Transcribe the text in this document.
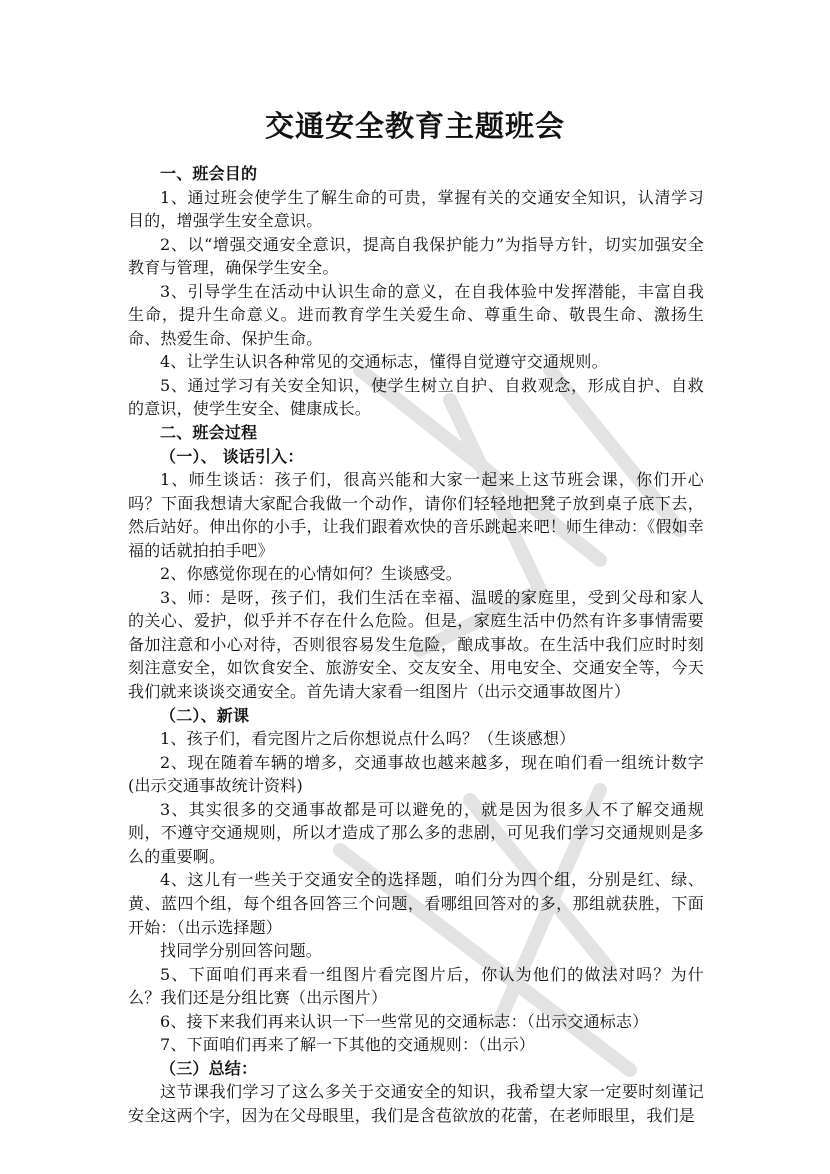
交通安全教育主题班会

一、班会目的

1、通过班会使学生了解生命的可贵，掌握有关的交通安全知识，认清学习目的，增强学生安全意识。

2、以“增强交通安全意识，提高自我保护能力”为指导方针，切实加强安全教育与管理，确保学生安全。

3、引导学生在活动中认识生命的意义，在自我体验中发挥潜能，丰富自我生命，提升生命意义。进而教育学生关爱生命、尊重生命、敬畏生命、激扬生命、热爱生命、保护生命。

4、让学生认识各种常见的交通标志，懂得自觉遵守交通规则。

5、通过学习有关安全知识，使学生树立自护、自救观念，形成自护、自救的意识，使学生安全、健康成长。

二、班会过程

（一）、 谈话引入：

1、师生谈话：孩子们，很高兴能和大家一起来上这节班会课，你们开心吗？下面我想请大家配合我做一个动作，请你们轻轻地把凳子放到桌子底下去，然后站好。伸出你的小手，让我们跟着欢快的音乐跳起来吧！师生律动：《假如幸福的话就拍拍手吧》

2、你感觉你现在的心情如何？生谈感受。

3、师：是呀，孩子们，我们生活在幸福、温暖的家庭里，受到父母和家人的关心、爱护，似乎并不存在什么危险。但是，家庭生活中仍然有许多事情需要备加注意和小心对待，否则很容易发生危险，酿成事故。在生活中我们应时时刻刻注意安全，如饮食安全、旅游安全、交友安全、用电安全、交通安全等，今天我们就来谈谈交通安全。首先请大家看一组图片（出示交通事故图片）

（二）、新课

1、孩子们，看完图片之后你想说点什么吗？（生谈感想）

2、现在随着车辆的增多，交通事故也越来越多，现在咱们看一组统计数字(出示交通事故统计资料)

3、其实很多的交通事故都是可以避免的，就是因为很多人不了解交通规则，不遵守交通规则，所以才造成了那么多的悲剧，可见我们学习交通规则是多么的重要啊。

4、这儿有一些关于交通安全的选择题，咱们分为四个组，分别是红、绿、黄、蓝四个组，每个组各回答三个问题，看哪组回答对的多，那组就获胜，下面开始：（出示选择题）

找同学分别回答问题。

5、下面咱们再来看一组图片看完图片后，你认为他们的做法对吗？为什么？我们还是分组比赛（出示图片）

6、接下来我们再来认识一下一些常见的交通标志：（出示交通标志）

7、下面咱们再来了解一下其他的交通规则：（出示）

（三）总结：

这节课我们学习了这么多关于交通安全的知识，我希望大家一定要时刻谨记安全这两个字，因为在父母眼里，我们是含苞欲放的花蕾，在老师眼里，我们是
